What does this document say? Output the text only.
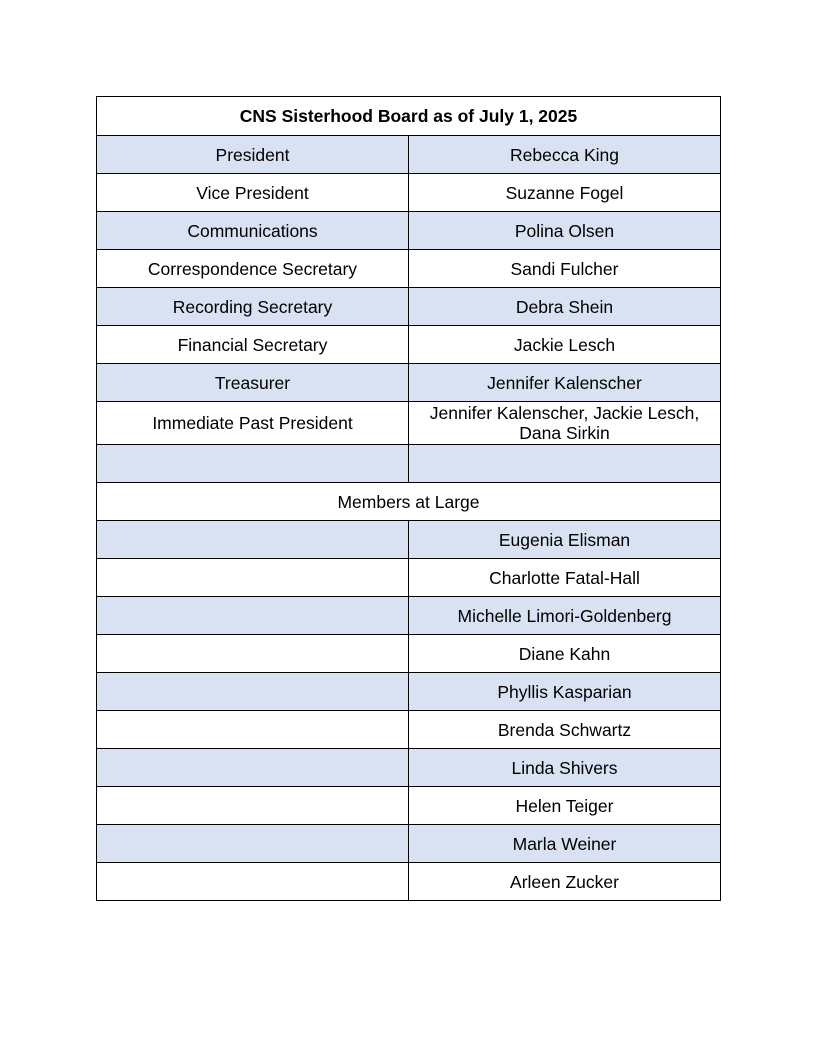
CNS Sisterhood Board as of July 1, 2025	
President	Rebecca King
Vice President	Suzanne Fogel
Communications	Polina Olsen
Correspondence Secretary	Sandi Fulcher
Recording Secretary	Debra Shein
Financial Secretary	Jackie Lesch
Treasurer	Jennifer Kalenscher
Immediate Past President	Jennifer Kalenscher, Jackie Lesch, Dana Sirkin

Members at Large	
	Eugenia Elisman
	Charlotte Fatal-Hall
	Michelle Limori-Goldenberg
	Diane Kahn
	Phyllis Kasparian
	Brenda Schwartz
	Linda Shivers
	Helen Teiger
	Marla Weiner
	Arleen Zucker
